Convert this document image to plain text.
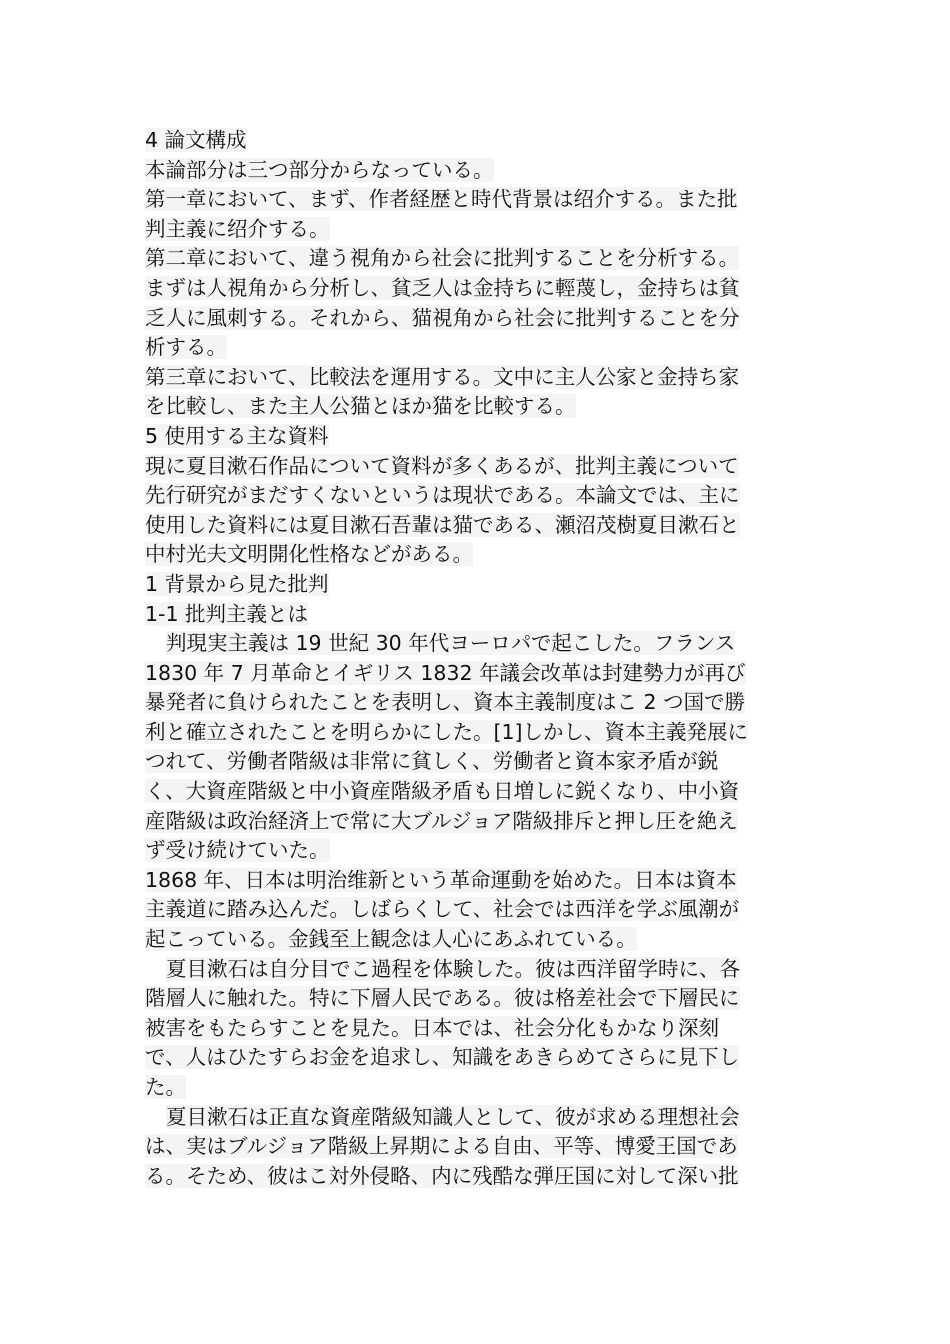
4 論文構成
本論部分は三つ部分からなっている。
第一章において、まず、作者経歴と時代背景は绍介する。また批
判主義に绍介する。
第二章において、違う視角から社会に批判することを分析する。
まずは人視角から分析し、貧乏人は金持ちに輕蔑し，金持ちは貧
乏人に風刺する。それから、猫視角から社会に批判することを分
析する。
第三章において、比較法を運用する。文中に主人公家と金持ち家
を比較し、また主人公猫とほか猫を比較する。
5 使用する主な資料
現に夏目漱石作品について資料が多くあるが、批判主義について
先行研究がまだすくないというは現状である。本論文では、主に
使用した資料には夏目漱石吾輩は猫である、瀬沼茂樹夏目漱石と
中村光夫文明開化性格などがある。
1 背景から見た批判
1-1 批判主義とは
判現実主義は 19 世紀 30 年代ヨーロパで起こした。フランス
1830 年 7 月革命とイギリス 1832 年議会改革は封建勢力が再び
暴発者に負けられたことを表明し、資本主義制度はこ 2 つ国で勝
利と確立されたことを明らかにした。[1]しかし、資本主義発展に
つれて、労働者階級は非常に貧しく、労働者と資本家矛盾が鋭
く、大資産階級と中小資産階級矛盾も日増しに鋭くなり、中小資
産階級は政治経済上で常に大ブルジョア階級排斥と押し圧を絶え
ず受け続けていた。
1868 年、日本は明治维新という革命運動を始めた。日本は資本
主義道に踏み込んだ。しばらくして、社会では西洋を学ぶ風潮が
起こっている。金銭至上観念は人心にあふれている。
夏目漱石は自分目でこ過程を体験した。彼は西洋留学時に、各
階層人に触れた。特に下層人民である。彼は格差社会で下層民に
被害をもたらすことを見た。日本では、社会分化もかなり深刻
で、人はひたすらお金を追求し、知識をあきらめてさらに見下し
た。
夏目漱石は正直な資産階級知識人として、彼が求める理想社会
は、実はブルジョア階級上昇期による自由、平等、博愛王国であ
る。そため、彼はこ対外侵略、内に残酷な弾圧国に対して深い批
